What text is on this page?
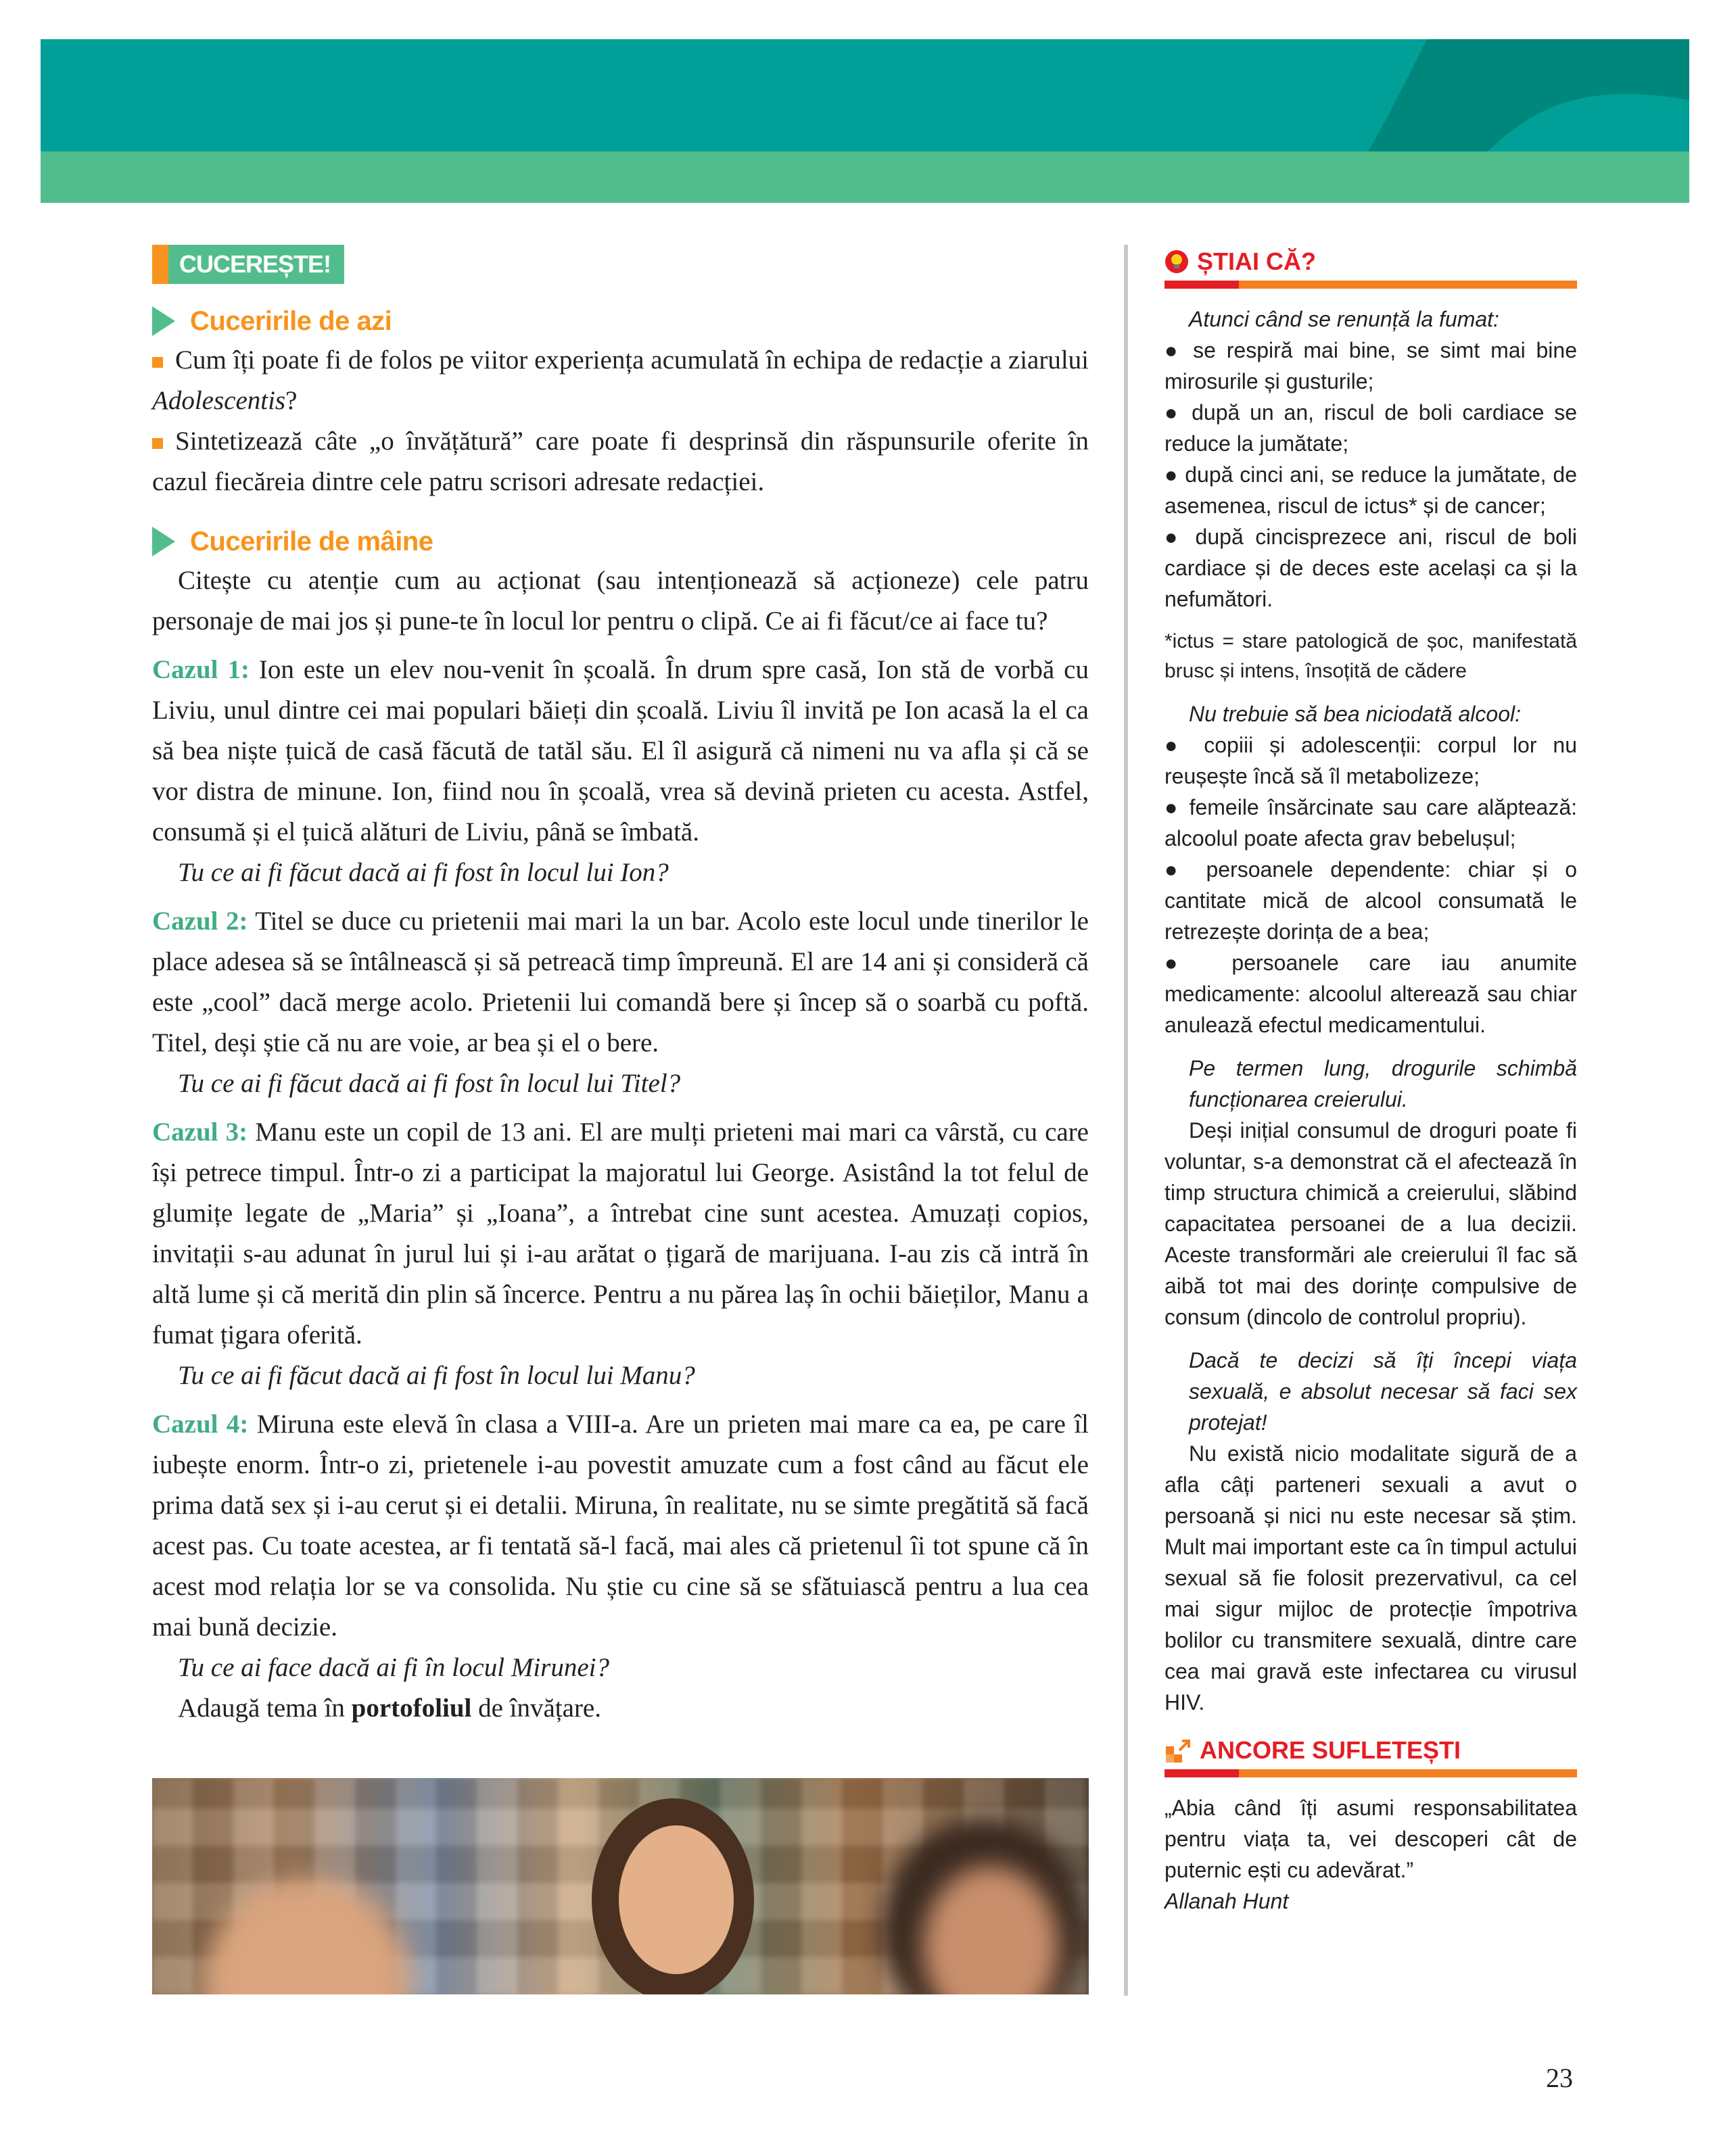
CUCEREȘTE!
Cuceririle de azi
Cum îți poate fi de folos pe viitor experiența acumulată în echipa de redacție a ziarului Adolescentis?
Sintetizează câte „o învățătură” care poate fi desprinsă din răspunsurile oferite în cazul fiecăreia dintre cele patru scrisori adresate redacției.
Cuceririle de mâine
Citește cu atenție cum au acționat (sau intenționează să acționeze) cele patru personaje de mai jos și pune-te în locul lor pentru o clipă. Ce ai fi făcut/ce ai face tu?
Cazul 1: Ion este un elev nou-venit în școală. În drum spre casă, Ion stă de vorbă cu Liviu, unul dintre cei mai populari băieți din școală. Liviu îl invită pe Ion acasă la el ca să bea niște țuică de casă făcută de tatăl său. El îl asigură că nimeni nu va afla și că se vor distra de minune. Ion, fiind nou în școală, vrea să devină prieten cu acesta. Astfel, consumă și el țuică alături de Liviu, până se îmbată.
Tu ce ai fi făcut dacă ai fi fost în locul lui Ion?
Cazul 2: Titel se duce cu prietenii mai mari la un bar. Acolo este locul unde tinerilor le place adesea să se întâlnească și să petreacă timp împreună. El are 14 ani și consideră că este „cool” dacă merge acolo. Prietenii lui comandă bere și încep să o soarbă cu poftă. Titel, deși știe că nu are voie, ar bea și el o bere.
Tu ce ai fi făcut dacă ai fi fost în locul lui Titel?
Cazul 3: Manu este un copil de 13 ani. El are mulți prieteni mai mari ca vârstă, cu care își petrece timpul. Într-o zi a participat la majoratul lui George. Asistând la tot felul de glumițe legate de „Maria” și „Ioana”, a întrebat cine sunt acestea. Amuzați copios, invitații s-au adunat în jurul lui și i-au arătat o țigară de marijuana. I-au zis că intră în altă lume și că merită din plin să încerce. Pentru a nu părea laș în ochii băieților, Manu a fumat țigara oferită.
Tu ce ai fi făcut dacă ai fi fost în locul lui Manu?
Cazul 4: Miruna este elevă în clasa a VIII-a. Are un prieten mai mare ca ea, pe care îl iubește enorm. Într-o zi, prietenele i-au povestit amuzate cum a fost când au făcut ele prima dată sex și i-au cerut și ei detalii. Miruna, în realitate, nu se simte pregătită să facă acest pas. Cu toate acestea, ar fi tentată să-l facă, mai ales că prietenul îi tot spune că în acest mod relația lor se va consolida. Nu știe cu cine să se sfătuiască pentru a lua cea mai bună decizie.
Tu ce ai face dacă ai fi în locul Mirunei?
Adaugă tema în portofoliul de învățare.
ȘTIAI CĂ?

Atunci când se renunță la fumat:

● se respiră mai bine, se simt mai bine mirosurile și gusturile;

● după un an, riscul de boli cardiace se reduce la jumătate;

● după cinci ani, se reduce la jumătate, de asemenea, riscul de ictus* și de cancer;

● după cincisprezece ani, riscul de boli cardiace și de deces este același ca și la nefumători.

*ictus = stare patologică de șoc, manifestată brusc și intens, însoțită de cădere

Nu trebuie să bea niciodată alcool:

● copiii și adolescenții: corpul lor nu reușește încă să îl metabolizeze;

● femeile însărcinate sau care alăptează: alcoolul poate afecta grav bebelușul;

● persoanele dependente: chiar și o cantitate mică de alcool consumată le retrezește dorința de a bea;

● persoanele care iau anumite medicamente: alcoolul alterează sau chiar anulează efectul medicamentului.

Pe termen lung, drogurile schimbă funcționarea creierului.

Deși inițial consumul de droguri poate fi voluntar, s-a demonstrat că el afectează în timp structura chimică a creierului, slăbind capacitatea persoanei de a lua decizii. Aceste transformări ale creierului îl fac să aibă tot mai des dorințe compulsive de consum (dincolo de controlul propriu).

Dacă te decizi să îți începi viața sexuală, e absolut necesar să faci sex protejat!

Nu există nicio modalitate sigură de a afla câți parteneri sexuali a avut o persoană și nici nu este necesar să știm. Mult mai important este ca în timpul actului sexual să fie folosit prezervativul, ca cel mai sigur mijloc de protecție împotriva bolilor cu transmitere sexuală, dintre care cea mai gravă este infectarea cu virusul HIV.

ANCORE SUFLETEȘTI

„Abia când îți asumi responsabilitatea pentru viața ta, vei descoperi cât de puternic ești cu adevărat.”

Allanah Hunt

23
